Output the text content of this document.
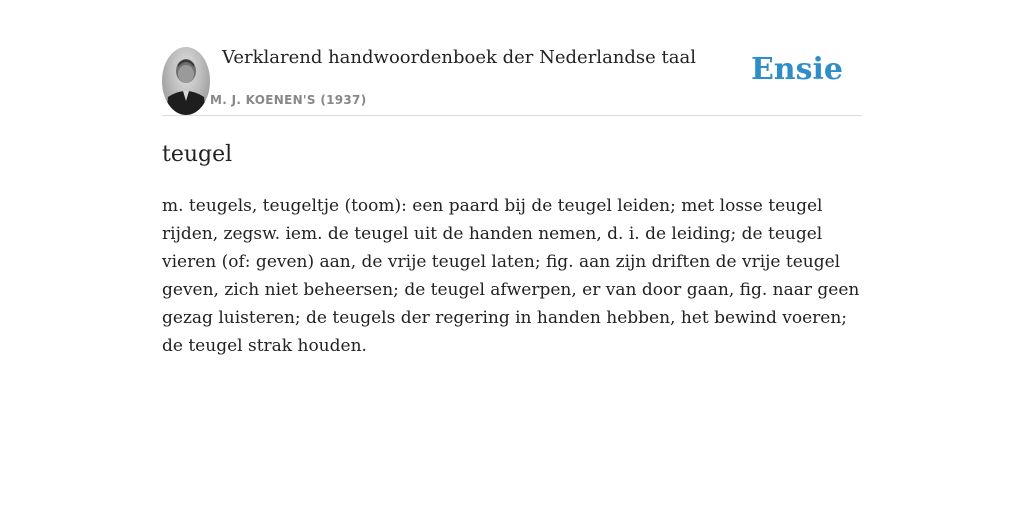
Verklarend handwoordenboek der Nederlandse taal
M. J. KOENEN'S (1937)
Ensie
teugel

m. teugels, teugeltje (toom): een paard bij de teugel leiden; met losse teugel rijden, zegsw. iem. de teugel uit de handen nemen, d. i. de leiding; de teugel vieren (of: geven) aan, de vrije teugel laten; fig. aan zijn driften de vrije teugel geven, zich niet beheersen; de teugel afwerpen, er van door gaan, fig. naar geen gezag luisteren; de teugels der regering in handen hebben, het bewind voeren; de teugel strak houden.
